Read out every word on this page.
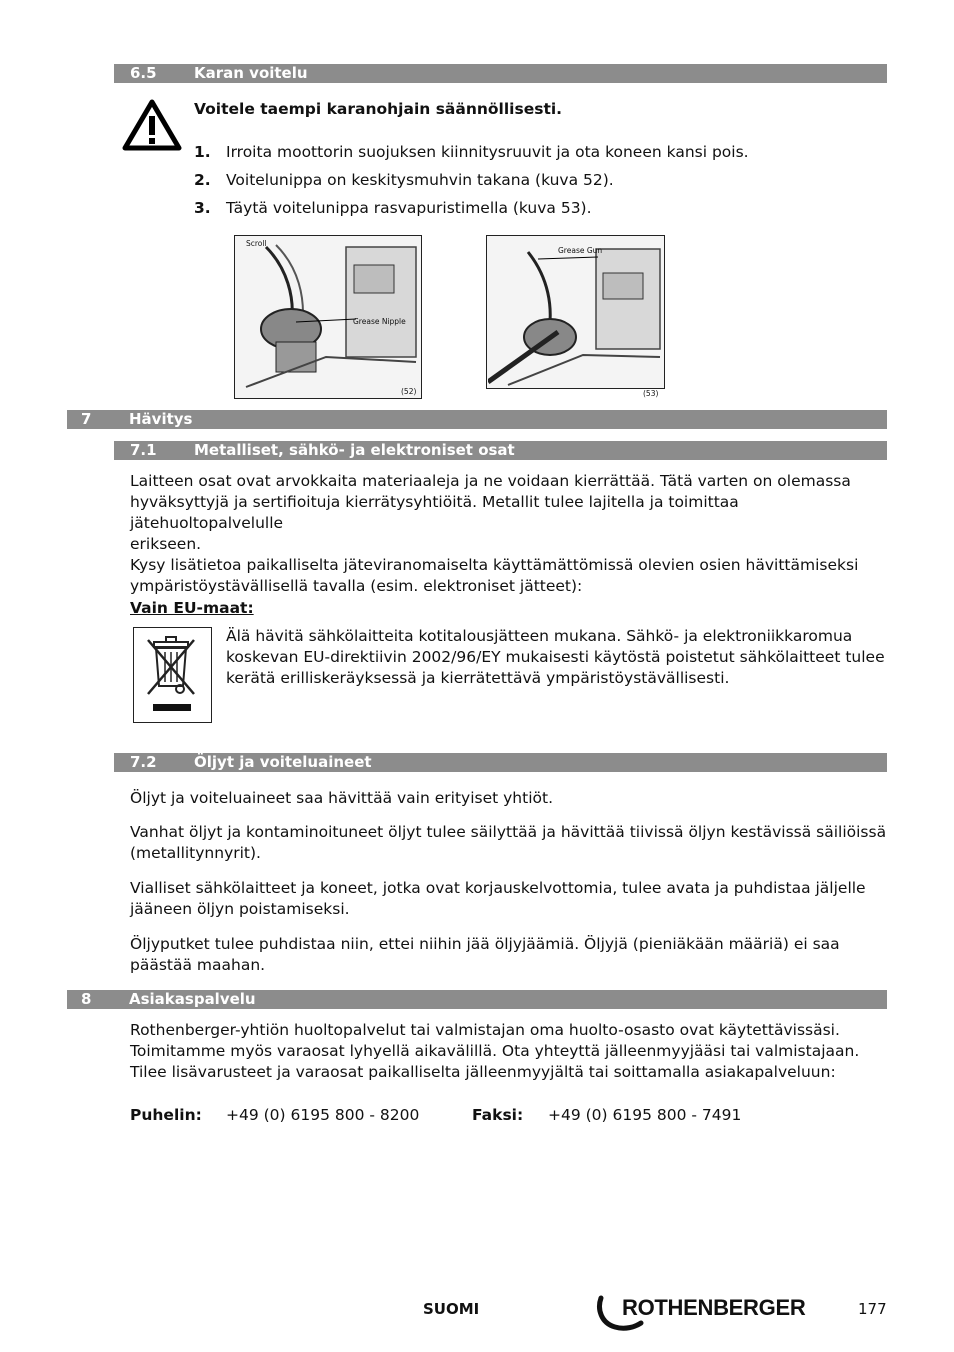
6.5 Karan voitelu
Voitele taempi karanohjain säännöllisesti.
1. Irroita moottorin suojuksen kiinnitysruuvit ja ota koneen kansi pois.
2. Voitelunippa on keskitysmuhvin takana (kuva 52).
3. Täytä voitelunippa rasvapuristimella (kuva 53).
Scroll
Grease Nipple
(52)
Grease Gun
(53)
7	Hävitys
7.1 Metalliset, sähkö- ja elektroniset osat
Laitteen osat ovat arvokkaita materiaaleja ja ne voidaan kierrättää. Tätä varten on olemassa
hyväksyttyjä ja sertifioituja kierrätysyhtiöitä. Metallit tulee lajitella ja toimittaa jätehuoltopalvelulle
erikseen.
Kysy lisätietoa paikalliselta jäteviranomaiselta käyttämättömissä olevien osien hävittämiseksi
ympäristöystävällisellä tavalla (esim. elektroniset jätteet):
Vain EU-maat:
Älä hävitä sähkölaitteita kotitalousjätteen mukana. Sähkö- ja elektroniikkaromua
koskevan EU-direktiivin 2002/96/EY mukaisesti käytöstä poistetut sähkölaitteet tulee
kerätä erilliskeräyksessä ja kierrätettävä ympäristöystävällisesti.
7.2 Öljyt ja voiteluaineet
Öljyt ja voiteluaineet saa hävittää vain erityiset yhtiöt.
Vanhat öljyt ja kontaminoituneet öljyt tulee säilyttää ja hävittää tiivissä öljyn kestävissä säiliöissä
(metallitynnyrit).
Vialliset sähkölaitteet ja koneet, jotka ovat korjauskelvottomia, tulee avata ja puhdistaa jäljelle
jääneen öljyn poistamiseksi.
Öljyputket tulee puhdistaa niin, ettei niihin jää öljyjäämiä. Öljyjä (pieniäkään määriä) ei saa
päästää maahan.
8	Asiakaspalvelu
Rothenberger-yhtiön huoltopalvelut tai valmistajan oma huolto-osasto ovat käytettävissäsi.
Toimitamme myös varaosat lyhyellä aikavälillä. Ota yhteyttä jälleenmyyjääsi tai valmistajaan.
Tilee lisävarusteet ja varaosat paikalliselta jälleenmyyjältä tai soittamalla asiakapalveluun:
Puhelin: +49 (0) 6195 800 - 8200	Faksi: +49 (0) 6195 800 - 7491
SUOMI	ROTHENBERGER	177
